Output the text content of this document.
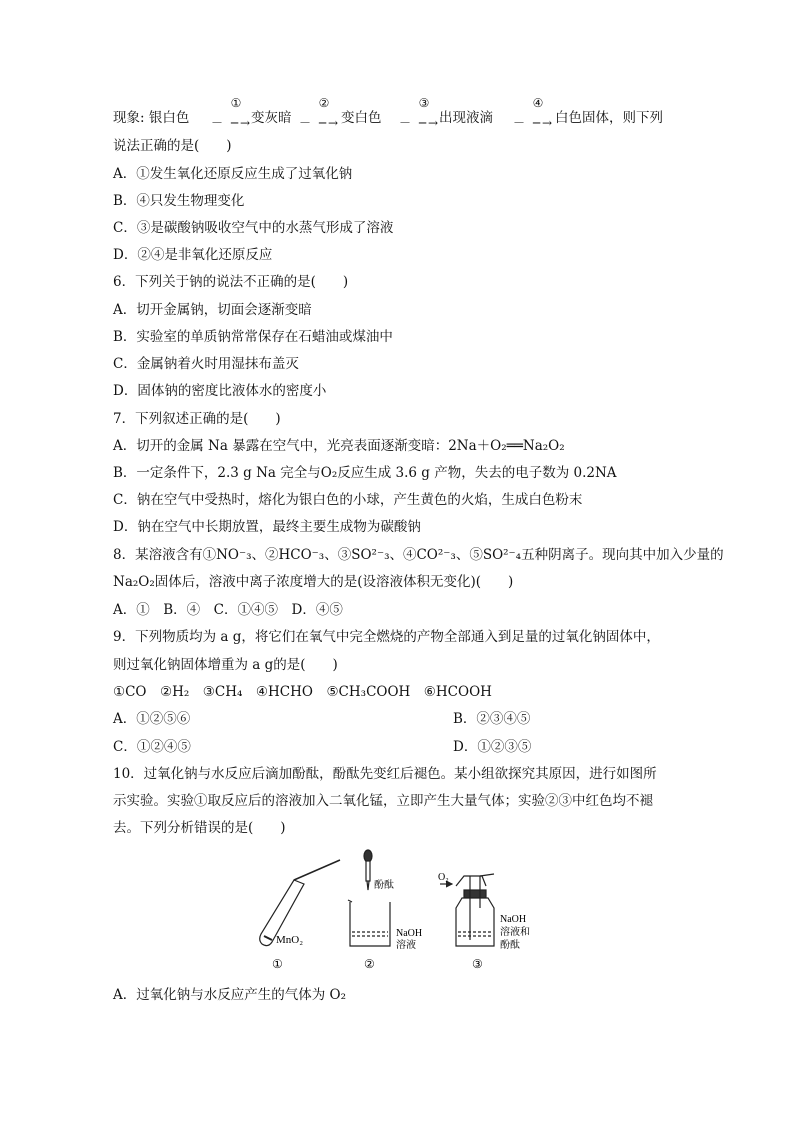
现象: 银白色
①
－ ─→
变灰暗
②
－ ─→ 变白色
③
－ ─→
出现液滴
④
－ ─→ 白色固体，则下列
说法正确的是(　　)
A．①发生氧化还原反应生成了过氧化钠
B．④只发生物理变化
C．③是碳酸钠吸收空气中的水蒸气形成了溶液
D．②④是非氧化还原反应
6．下列关于钠的说法不正确的是(　　)
A．切开金属钠，切面会逐渐变暗
B．实验室的单质钠常常保存在石蜡油或煤油中
C．金属钠着火时用湿抹布盖灭
D．固体钠的密度比液体水的密度小
7．下列叙述正确的是(　　)
A．切开的金属 Na 暴露在空气中，光亮表面逐渐变暗：2Na＋O₂══Na₂O₂
B．一定条件下，2.3 g Na 完全与O₂反应生成 3.6 g 产物，失去的电子数为 0.2NA
C．钠在空气中受热时，熔化为银白色的小球，产生黄色的火焰，生成白色粉末
D．钠在空气中长期放置，最终主要生成物为碳酸钠
8．某溶液含有①NO⁻₃、②HCO⁻₃、③SO²⁻₃、④CO²⁻₃、⑤SO²⁻₄五种阴离子。现向其中加入少量的
Na₂O₂固体后，溶液中离子浓度增大的是(设溶液体积无变化)(　　)
A．①　B．④　C．①④⑤　D．④⑤
9．下列物质均为 a g，将它们在氧气中完全燃烧的产物全部通入到足量的过氧化钠固体中，
则过氧化钠固体增重为 a g的是(　　)
①CO　②H₂　③CH₄　④HCHO　⑤CH₃COOH　⑥HCOOH
A．①②⑤⑥	B．②③④⑤
C．①②④⑤	D．①②③⑤
10．过氧化钠与水反应后滴加酚酞，酚酞先变红后褪色。某小组欲探究其原因，进行如图所
示实验。实验①取反应后的溶液加入二氧化锰，立即产生大量气体；实验②③中红色均不褪
去。下列分析错误的是(　　)
MnO₂
酚酞
NaOH
溶液
O₂
NaOH
溶液和
酚酞
①	②	③
A．过氧化钠与水反应产生的气体为 O₂
